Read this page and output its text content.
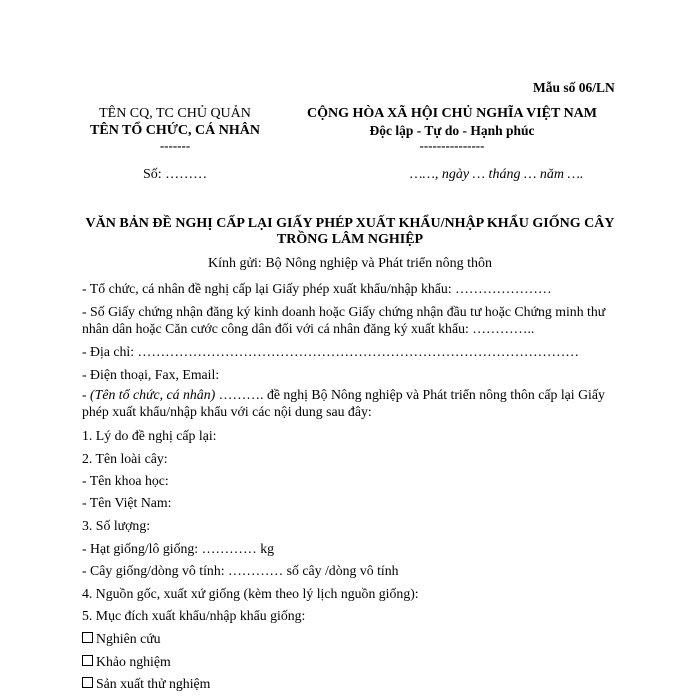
Mẫu số 06/LN
TÊN CQ, TC CHỦ QUẢN
TÊN TỔ CHỨC, CÁ NHÂN
-------
CỘNG HÒA XÃ HỘI CHỦ NGHĨA VIỆT NAM
Độc lập - Tự do - Hạnh phúc
---------------
Số: ………	……, ngày … tháng … năm ….
VĂN BẢN ĐỀ NGHỊ CẤP LẠI GIẤY PHÉP XUẤT KHẨU/NHẬP KHẨU GIỐNG CÂY TRỒNG LÂM NGHIỆP
Kính gửi: Bộ Nông nghiệp và Phát triển nông thôn
- Tổ chức, cá nhân đề nghị cấp lại Giấy phép xuất khẩu/nhập khẩu: …………………
- Số Giấy chứng nhận đăng ký kinh doanh hoặc Giấy chứng nhận đầu tư hoặc Chứng minh thư nhân dân hoặc Căn cước công dân đối với cá nhân đăng ký xuất khẩu: …………..
- Địa chỉ: ……………………………………………………………………………………
- Điện thoại, Fax, Email:
- (Tên tổ chức, cá nhân) ………. đề nghị Bộ Nông nghiệp và Phát triển nông thôn cấp lại Giấy phép xuất khẩu/nhập khẩu với các nội dung sau đây:
1. Lý do đề nghị cấp lại:
2. Tên loài cây:
- Tên khoa học:
- Tên Việt Nam:
3. Số lượng:
- Hạt giống/lô giống: ………… kg
- Cây giống/dòng vô tính: ………… số cây /dòng vô tính
4. Nguồn gốc, xuất xứ giống (kèm theo lý lịch nguồn giống):
5. Mục đích xuất khẩu/nhập khẩu giống:
Nghiên cứu
Khảo nghiệm
Sản xuất thử nghiệm
